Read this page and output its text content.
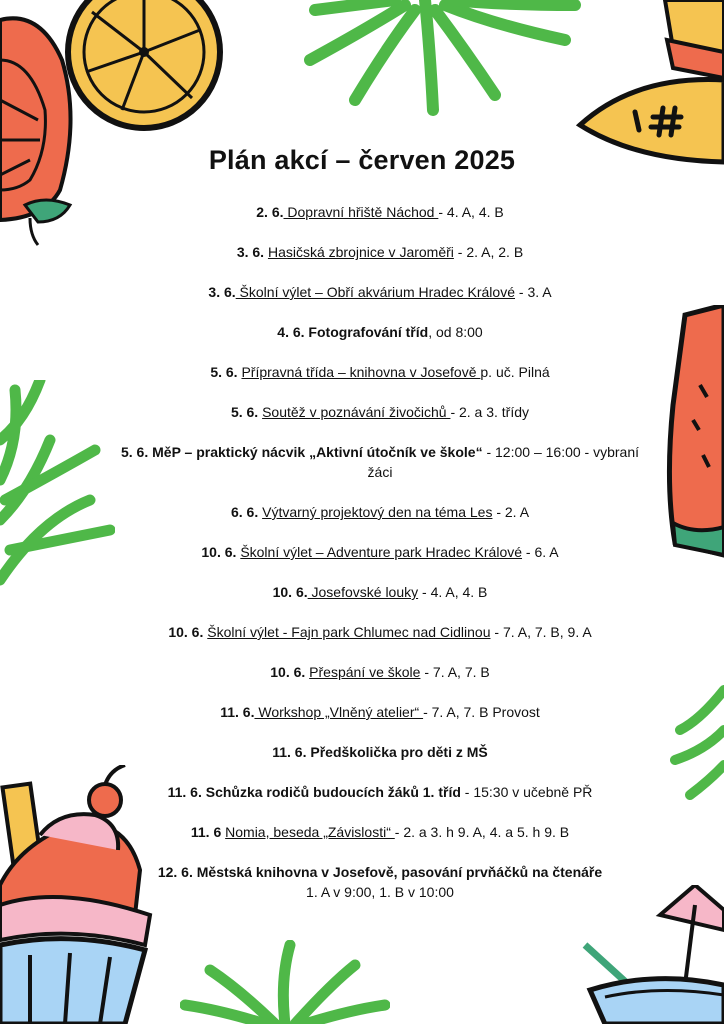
Plán akcí – červen 2025
2. 6. Dopravní hřiště Náchod - 4. A, 4. B
3. 6. Hasičská zbrojnice v Jaroměři - 2. A, 2. B
3. 6. Školní výlet – Obří akvárium Hradec Králové - 3. A
4. 6. Fotografování tříd, od 8:00
5. 6. Přípravná třída – knihovna v Josefově p. uč. Pilná
5. 6. Soutěž v poznávání živočichů - 2. a 3. třídy
5. 6. MěP – praktický nácvik „Aktivní útočník ve škole“ - 12:00 – 16:00 - vybraní žáci
6. 6. Výtvarný projektový den na téma Les - 2. A
10. 6. Školní výlet – Adventure park Hradec Králové - 6. A
10. 6. Josefovské louky - 4. A, 4. B
10. 6. Školní výlet - Fajn park Chlumec nad Cidlinou - 7. A, 7. B, 9. A
10. 6. Přespání ve škole - 7. A, 7. B
11. 6. Workshop „Vlněný atelier“ - 7. A, 7. B Provost
11. 6. Předškolička pro děti z MŠ
11. 6. Schůzka rodičů budoucích žáků 1. tříd - 15:30 v učebně PŘ
11. 6 Nomia, beseda „Závislosti“ - 2. a 3. h 9. A, 4. a 5. h 9. B
12. 6. Městská knihovna v Josefově, pasování prvňáčků na čtenáře
1. A v 9:00, 1. B v 10:00
